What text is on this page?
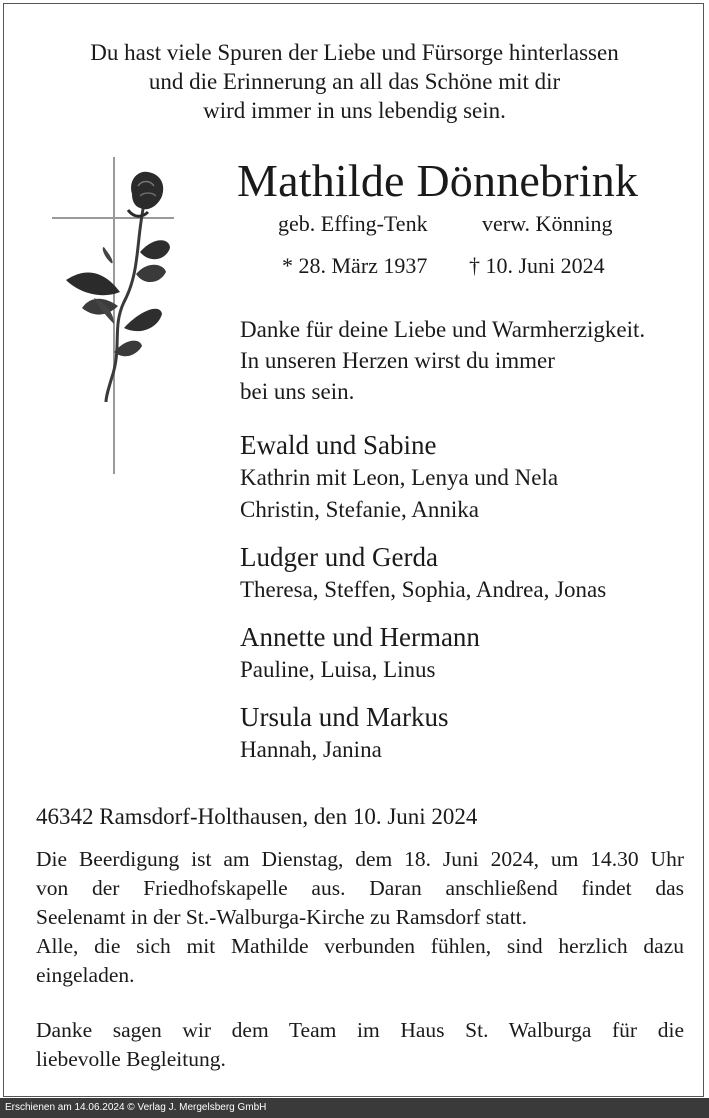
Du hast viele Spuren der Liebe und Fürsorge hinterlassen
und die Erinnerung an all das Schöne mit dir
wird immer in uns lebendig sein.
Mathilde Dönnebrink
geb. Effing-Tenk verw. Könning
* 28. März 1937 † 10. Juni 2024
Danke für deine Liebe und Warmherzigkeit.
In unseren Herzen wirst du immer
bei uns sein.
Ewald und Sabine
Kathrin mit Leon, Lenya und Nela
Christin, Stefanie, Annika
Ludger und Gerda
Theresa, Steffen, Sophia, Andrea, Jonas
Annette und Hermann
Pauline, Luisa, Linus
Ursula und Markus
Hannah, Janina
46342 Ramsdorf-Holthausen, den 10. Juni 2024
Die Beerdigung ist am Dienstag, dem 18. Juni 2024, um 14.30 Uhr
von der Friedhofskapelle aus. Daran anschließend findet das
Seelenamt in der St.-Walburga-Kirche zu Ramsdorf statt.
Alle, die sich mit Mathilde verbunden fühlen, sind herzlich dazu
eingeladen.
Danke sagen wir dem Team im Haus St. Walburga für die
liebevolle Begleitung.
Erschienen am 14.06.2024 © Verlag J. Mergelsberg GmbH
